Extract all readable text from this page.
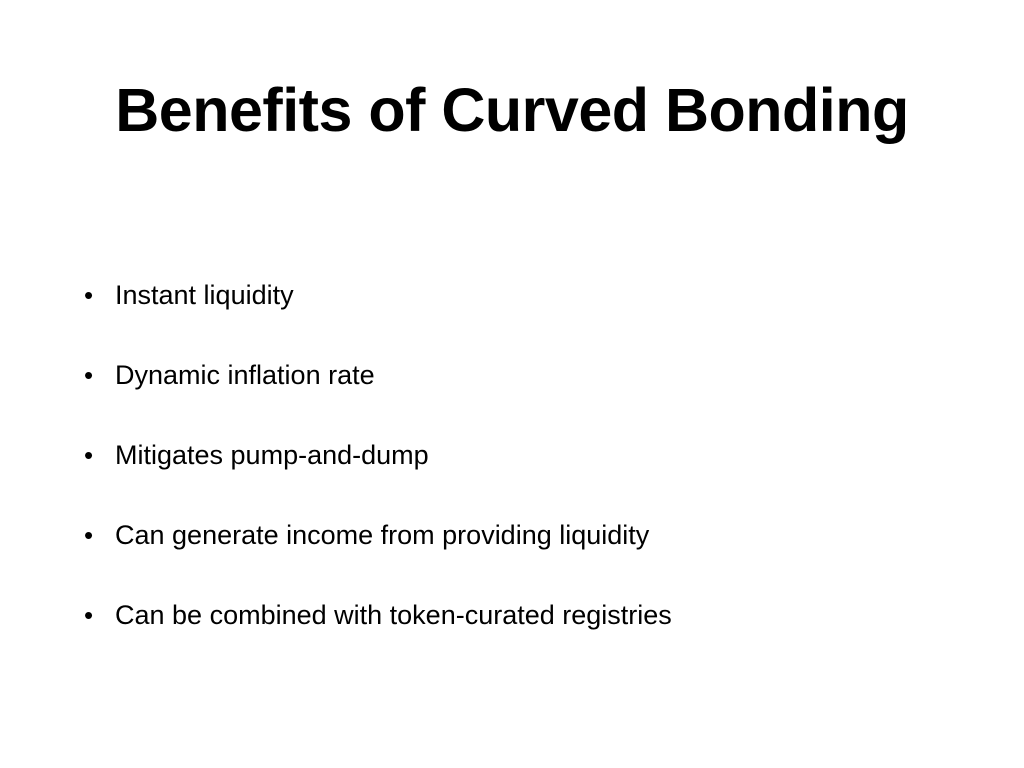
Benefits of Curved Bonding
• Instant liquidity
• Dynamic inflation rate
• Mitigates pump-and-dump
• Can generate income from providing liquidity
• Can be combined with token-curated registries
